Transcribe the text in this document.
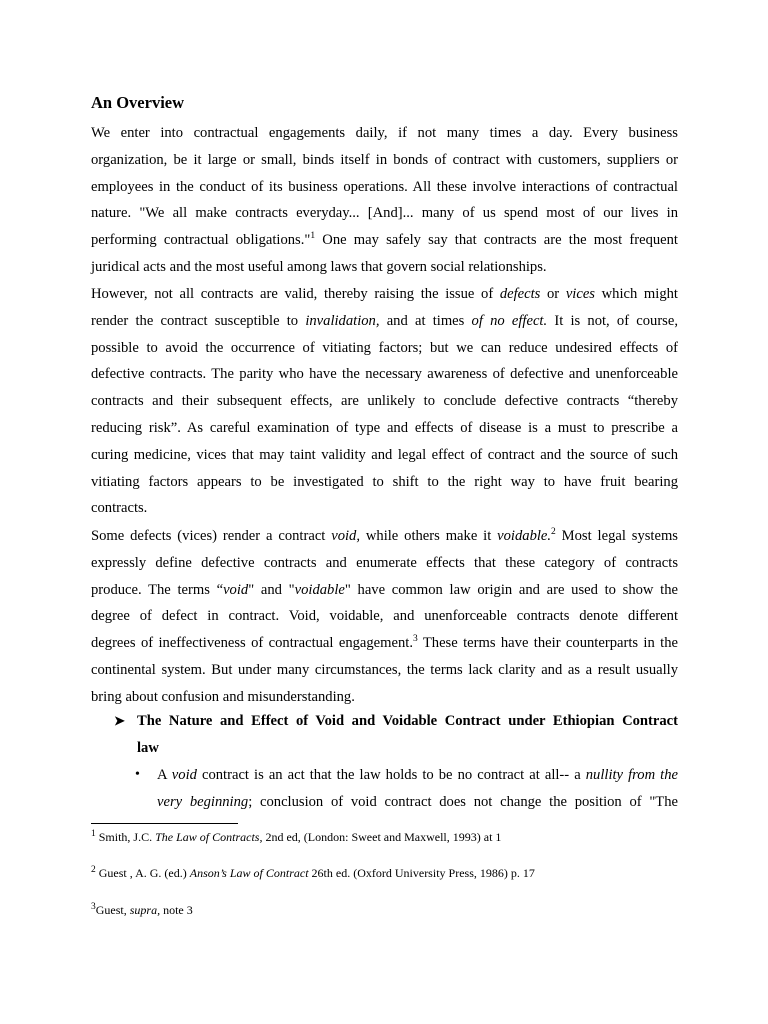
An Overview
We enter into contractual engagements daily, if not many times a day. Every business
organization, be it large or small, binds itself in bonds of contract with customers, suppliers or
employees in the conduct of its business operations. All these involve interactions of contractual
nature. "We all make contracts everyday... [And]... many of us spend most of our lives in
performing contractual obligations."$^1$ One may safely say that contracts are the most frequent
juridical acts and the most useful among laws that govern social relationships.
However, not all contracts are valid, thereby raising the issue of defects or vices which might
render the contract susceptible to invalidation, and at times of no effect. It is not, of course,
possible to avoid the occurrence of vitiating factors; but we can reduce undesired effects of
defective contracts. The parity who have the necessary awareness of defective and unenforceable
contracts and their subsequent effects, are unlikely to conclude defective contracts “thereby
reducing risk”. As careful examination of type and effects of disease is a must to prescribe a
curing medicine, vices that may taint validity and legal effect of contract and the source of such
vitiating factors appears to be investigated to shift to the right way to have fruit bearing
contracts.
Some defects (vices) render a contract void, while others make it voidable.$^2$ Most legal systems
expressly define defective contracts and enumerate effects that these category of contracts
produce. The terms “void" and "voidable" have common law origin and are used to show the
degree of defect in contract. Void, voidable, and unenforceable contracts denote different
degrees of ineffectiveness of contractual engagement.$^3$ These terms have their counterparts in the
continental system. But under many circumstances, the terms lack clarity and as a result usually
bring about confusion and misunderstanding.
➤ The Nature and Effect of Void and Voidable Contract under Ethiopian Contract
law
• A void contract is an act that the law holds to be no contract at all-- a nullity from the
very beginning; conclusion of void contract does not change the position of "The
$^1$ Smith, J.C. The Law of Contracts, 2nd ed, (London: Sweet and Maxwell, 1993) at 1
$^2$ Guest , A. G. (ed.) Anson’s Law of Contract 26th ed. (Oxford University Press, 1986) p. 17
$^3$Guest, supra, note 3
